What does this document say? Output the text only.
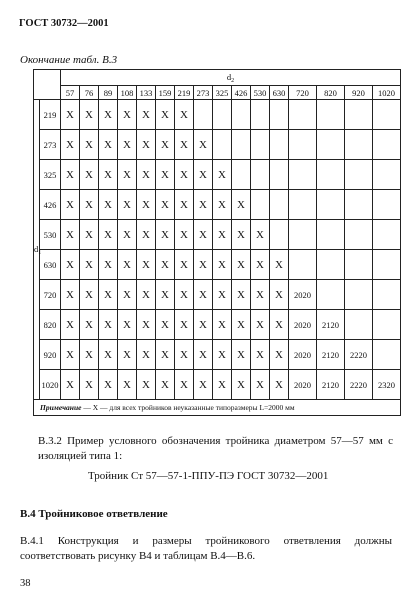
ГОСТ 30732—2001
Окончание табл. В.3
		$d_2$
		57	76	89	108	133	159	219	273	325	426	530	630	720	820	920	1020
$d_1$	219	X	X	X	X	X	X	X									
	273	X	X	X	X	X	X	X	X								
	325	X	X	X	X	X	X	X	X	X							
	426	X	X	X	X	X	X	X	X	X	X						
	530	X	X	X	X	X	X	X	X	X	X	X					
	630	X	X	X	X	X	X	X	X	X	X	X	X				
	720	X	X	X	X	X	X	X	X	X	X	X	X	2020			
	820	X	X	X	X	X	X	X	X	X	X	X	X	2020	2120		
	920	X	X	X	X	X	X	X	X	X	X	X	X	2020	2120	2220	
	1020	X	X	X	X	X	X	X	X	X	X	X	X	2020	2120	2220	2320
Примечание — X — для всех тройников неуказанные типоразмеры L=2000 мм																	
В.3.2 Пример условного обозначения тройника диаметром 57—57 мм с изоляцией типа 1:
Тройник Ст 57—57-1-ППУ-ПЭ ГОСТ 30732—2001
В.4 Тройниковое ответвление
В.4.1 Конструкция и размеры тройникового ответвления должны соответствовать рисунку В4 и таблицам В.4—В.6.
38
